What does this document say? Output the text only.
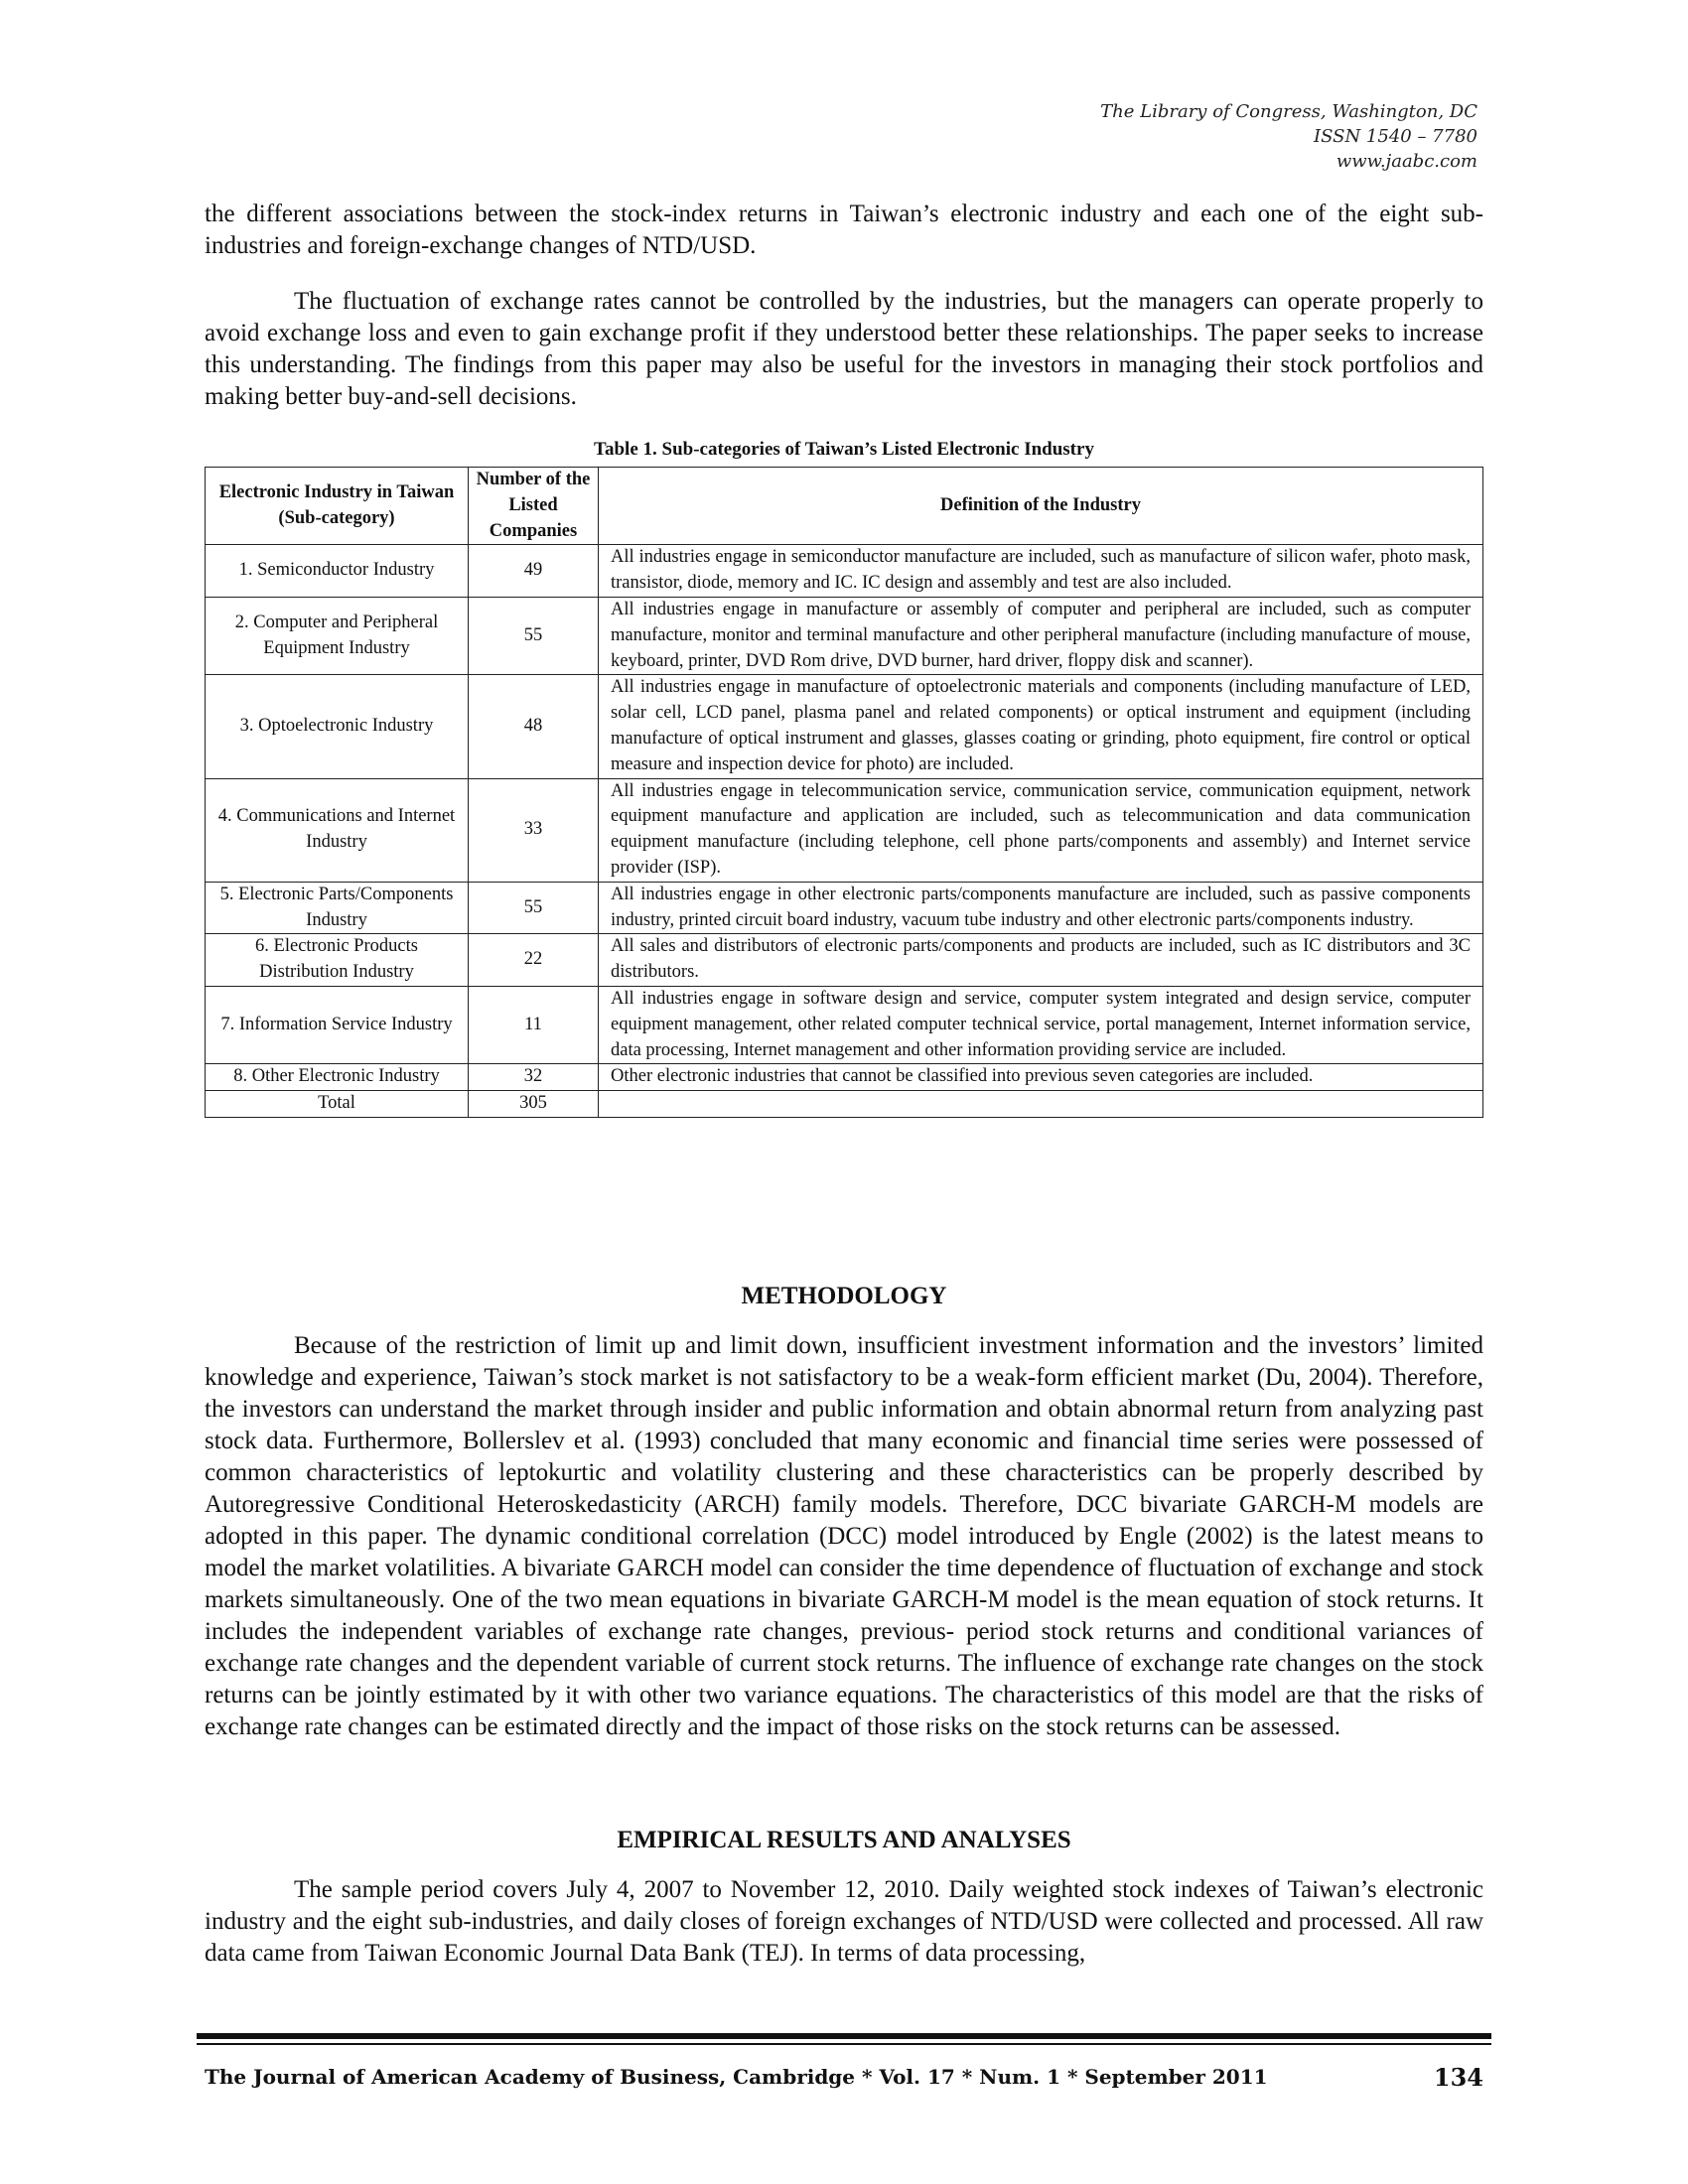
The Library of Congress, Washington, DC
ISSN 1540 – 7780
www.jaabc.com

the different associations between the stock-index returns in Taiwan’s electronic industry and each one of the eight sub-industries and foreign-exchange changes of NTD/USD.

The fluctuation of exchange rates cannot be controlled by the industries, but the managers can operate properly to avoid exchange loss and even to gain exchange profit if they understood better these relationships. The paper seeks to increase this understanding. The findings from this paper may also be useful for the investors in managing their stock portfolios and making better buy-and-sell decisions.

Table 1. Sub-categories of Taiwan’s Listed Electronic Industry
Electronic Industry in Taiwan (Sub-category)	Number of the Listed Companies	Definition of the Industry
1. Semiconductor Industry	49	All industries engage in semiconductor manufacture are included, such as manufacture of silicon wafer, photo mask, transistor, diode, memory and IC. IC design and assembly and test are also included.
2. Computer and Peripheral Equipment Industry	55	All industries engage in manufacture or assembly of computer and peripheral are included, such as computer manufacture, monitor and terminal manufacture and other peripheral manufacture (including manufacture of mouse, keyboard, printer, DVD Rom drive, DVD burner, hard driver, floppy disk and scanner).
3. Optoelectronic Industry	48	All industries engage in manufacture of optoelectronic materials and components (including manufacture of LED, solar cell, LCD panel, plasma panel and related components) or optical instrument and equipment (including manufacture of optical instrument and glasses, glasses coating or grinding, photo equipment, fire control or optical measure and inspection device for photo) are included.
4. Communications and Internet Industry	33	All industries engage in telecommunication service, communication service, communication equipment, network equipment manufacture and application are included, such as telecommunication and data communication equipment manufacture (including telephone, cell phone parts/components and assembly) and Internet service provider (ISP).
5. Electronic Parts/Components Industry	55	All industries engage in other electronic parts/components manufacture are included, such as passive components industry, printed circuit board industry, vacuum tube industry and other electronic parts/components industry.
6. Electronic Products Distribution Industry	22	All sales and distributors of electronic parts/components and products are included, such as IC distributors and 3C distributors.
7. Information Service Industry	11	All industries engage in software design and service, computer system integrated and design service, computer equipment management, other related computer technical service, portal management, Internet information service, data processing, Internet management and other information providing service are included.
8. Other Electronic Industry	32	Other electronic industries that cannot be classified into previous seven categories are included.
Total	305	
METHODOLOGY

Because of the restriction of limit up and limit down, insufficient investment information and the investors’ limited knowledge and experience, Taiwan’s stock market is not satisfactory to be a weak-form efficient market (Du, 2004). Therefore, the investors can understand the market through insider and public information and obtain abnormal return from analyzing past stock data. Furthermore, Bollerslev et al. (1993) concluded that many economic and financial time series were possessed of common characteristics of leptokurtic and volatility clustering and these characteristics can be properly described by Autoregressive Conditional Heteroskedasticity (ARCH) family models. Therefore, DCC bivariate GARCH-M models are adopted in this paper. The dynamic conditional correlation (DCC) model introduced by Engle (2002) is the latest means to model the market volatilities. A bivariate GARCH model can consider the time dependence of fluctuation of exchange and stock markets simultaneously. One of the two mean equations in bivariate GARCH-M model is the mean equation of stock returns. It includes the independent variables of exchange rate changes, previous- period stock returns and conditional variances of exchange rate changes and the dependent variable of current stock returns. The influence of exchange rate changes on the stock returns can be jointly estimated by it with other two variance equations. The characteristics of this model are that the risks of exchange rate changes can be estimated directly and the impact of those risks on the stock returns can be assessed.

EMPIRICAL RESULTS AND ANALYSES

The sample period covers July 4, 2007 to November 12, 2010. Daily weighted stock indexes of Taiwan’s electronic industry and the eight sub-industries, and daily closes of foreign exchanges of NTD/USD were collected and processed. All raw data came from Taiwan Economic Journal Data Bank (TEJ). In terms of data processing,

The Journal of American Academy of Business, Cambridge * Vol. 17 * Num. 1 * September 2011	134
